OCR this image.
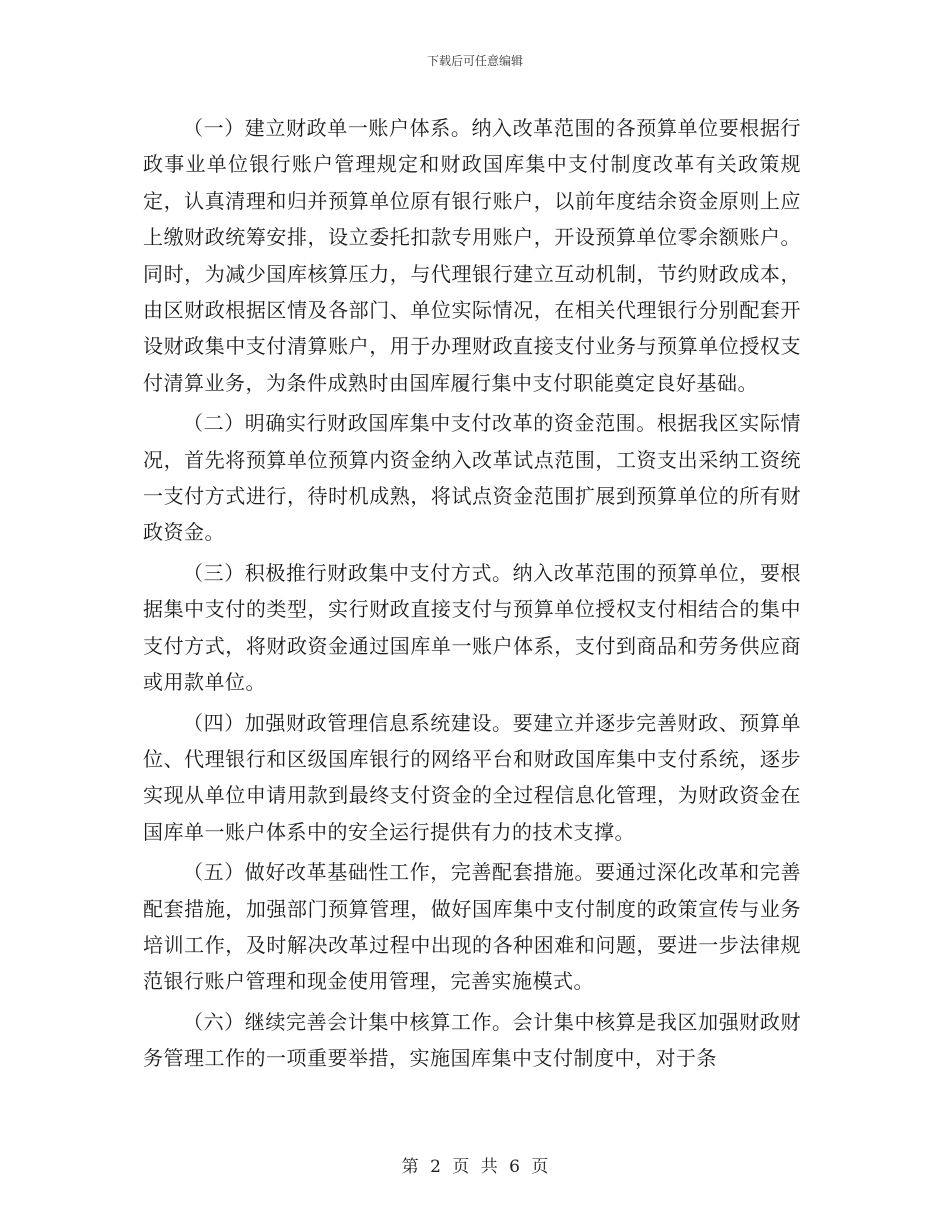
下载后可任意编辑

（一）建立财政单一账户体系。纳入改革范围的各预算单位要根据行政事业单位银行账户管理规定和财政国库集中支付制度改革有关政策规定，认真清理和归并预算单位原有银行账户，以前年度结余资金原则上应上缴财政统筹安排，设立委托扣款专用账户，开设预算单位零余额账户。同时，为减少国库核算压力，与代理银行建立互动机制，节约财政成本，由区财政根据区情及各部门、单位实际情况，在相关代理银行分别配套开设财政集中支付清算账户，用于办理财政直接支付业务与预算单位授权支付清算业务，为条件成熟时由国库履行集中支付职能奠定良好基础。

（二）明确实行财政国库集中支付改革的资金范围。根据我区实际情况，首先将预算单位预算内资金纳入改革试点范围，工资支出采纳工资统一支付方式进行，待时机成熟，将试点资金范围扩展到预算单位的所有财政资金。

（三）积极推行财政集中支付方式。纳入改革范围的预算单位，要根据集中支付的类型，实行财政直接支付与预算单位授权支付相结合的集中支付方式，将财政资金通过国库单一账户体系，支付到商品和劳务供应商或用款单位。

（四）加强财政管理信息系统建设。要建立并逐步完善财政、预算单位、代理银行和区级国库银行的网络平台和财政国库集中支付系统，逐步实现从单位申请用款到最终支付资金的全过程信息化管理，为财政资金在国库单一账户体系中的安全运行提供有力的技术支撑。

（五）做好改革基础性工作，完善配套措施。要通过深化改革和完善配套措施，加强部门预算管理，做好国库集中支付制度的政策宣传与业务培训工作，及时解决改革过程中出现的各种困难和问题，要进一步法律规范银行账户管理和现金使用管理，完善实施模式。

（六）继续完善会计集中核算工作。会计集中核算是我区加强财政财务管理工作的一项重要举措，实施国库集中支付制度中，对于条

第 2 页 共 6 页
